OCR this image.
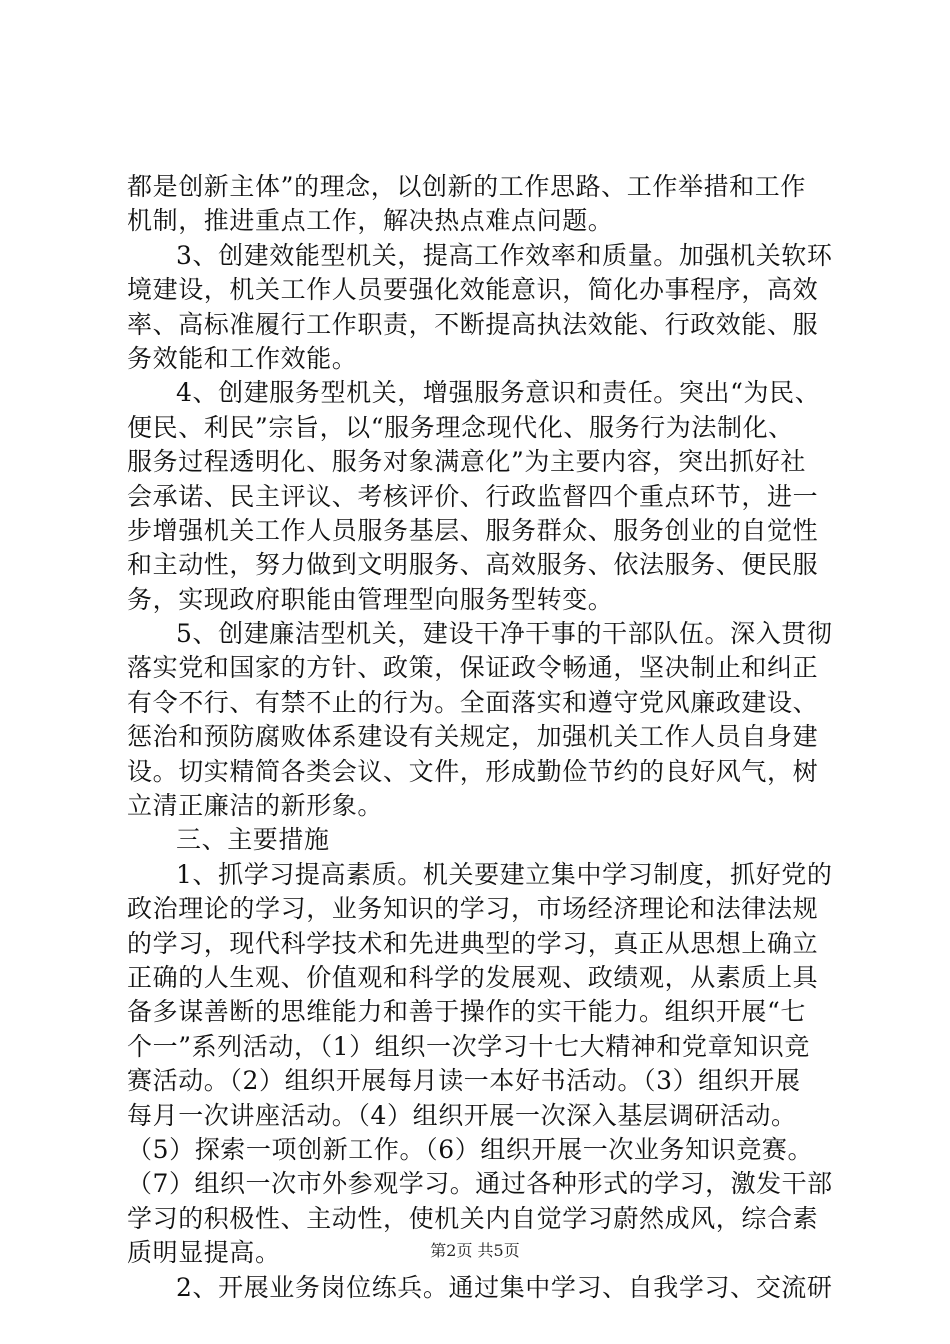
都是创新主体”的理念，以创新的工作思路、工作举措和工作
机制，推进重点工作，解决热点难点问题。
3、创建效能型机关，提高工作效率和质量。加强机关软环
境建设，机关工作人员要强化效能意识，简化办事程序，高效
率、高标准履行工作职责，不断提高执法效能、行政效能、服
务效能和工作效能。
4、创建服务型机关，增强服务意识和责任。突出“为民、
便民、利民”宗旨，以“服务理念现代化、服务行为法制化、
服务过程透明化、服务对象满意化”为主要内容，突出抓好社
会承诺、民主评议、考核评价、行政监督四个重点环节，进一
步增强机关工作人员服务基层、服务群众、服务创业的自觉性
和主动性，努力做到文明服务、高效服务、依法服务、便民服
务，实现政府职能由管理型向服务型转变。
5、创建廉洁型机关，建设干净干事的干部队伍。深入贯彻
落实党和国家的方针、政策，保证政令畅通，坚决制止和纠正
有令不行、有禁不止的行为。全面落实和遵守党风廉政建设、
惩治和预防腐败体系建设有关规定，加强机关工作人员自身建
设。切实精简各类会议、文件，形成勤俭节约的良好风气，树
立清正廉洁的新形象。
三、主要措施
1、抓学习提高素质。机关要建立集中学习制度，抓好党的
政治理论的学习，业务知识的学习，市场经济理论和法律法规
的学习，现代科学技术和先进典型的学习，真正从思想上确立
正确的人生观、价值观和科学的发展观、政绩观，从素质上具
备多谋善断的思维能力和善于操作的实干能力。组织开展“七
个一”系列活动，（1）组织一次学习十七大精神和党章知识竞
赛活动。（2）组织开展每月读一本好书活动。（3）组织开展
每月一次讲座活动。（4）组织开展一次深入基层调研活动。
（5）探索一项创新工作。（6）组织开展一次业务知识竞赛。
（7）组织一次市外参观学习。通过各种形式的学习，激发干部
学习的积极性、主动性，使机关内自觉学习蔚然成风，综合素
质明显提高。
2、开展业务岗位练兵。通过集中学习、自我学习、交流研
第2页 共5页
